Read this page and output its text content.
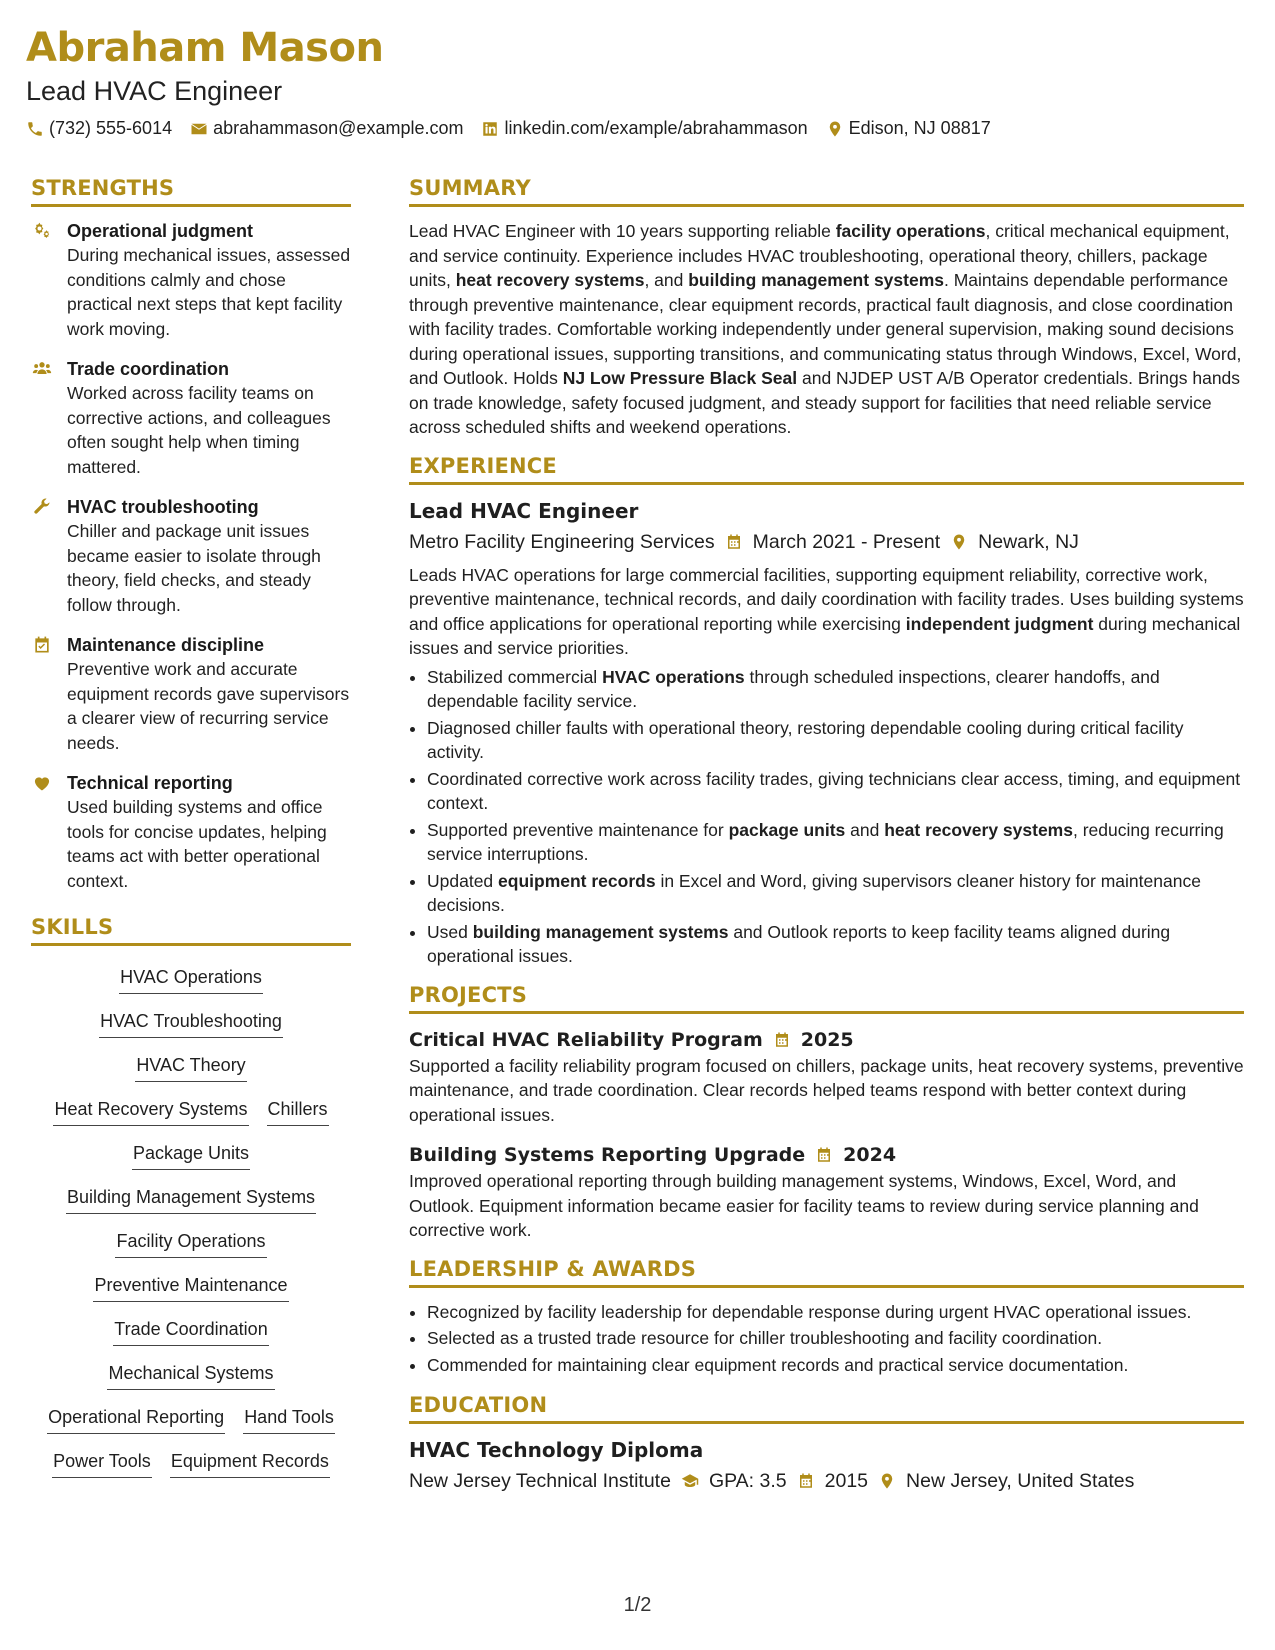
Abraham Mason
Lead HVAC Engineer
(732) 555-6014 abrahammason@example.com linkedin.com/example/abrahammason Edison, NJ 08817
STRENGTHS
Operational judgment
During mechanical issues, assessed conditions calmly and chose practical next steps that kept facility work moving.
Trade coordination
Worked across facility teams on corrective actions, and colleagues often sought help when timing mattered.
HVAC troubleshooting
Chiller and package unit issues became easier to isolate through theory, field checks, and steady follow through.
Maintenance discipline
Preventive work and accurate equipment records gave supervisors a clearer view of recurring service needs.
Technical reporting
Used building systems and office tools for concise updates, helping teams act with better operational context.
SKILLS
HVAC Operations
HVAC Troubleshooting
HVAC Theory
Heat Recovery Systems Chillers
Package Units
Building Management Systems
Facility Operations
Preventive Maintenance
Trade Coordination
Mechanical Systems
Operational Reporting Hand Tools
Power Tools Equipment Records
SUMMARY

Lead HVAC Engineer with 10 years supporting reliable facility operations, critical mechanical equipment, and service continuity. Experience includes HVAC troubleshooting, operational theory, chillers, package units, heat recovery systems, and building management systems. Maintains dependable performance through preventive maintenance, clear equipment records, practical fault diagnosis, and close coordination with facility trades. Comfortable working independently under general supervision, making sound decisions during operational issues, supporting transitions, and communicating status through Windows, Excel, Word, and Outlook. Holds NJ Low Pressure Black Seal and NJDEP UST A/B Operator credentials. Brings hands on trade knowledge, safety focused judgment, and steady support for facilities that need reliable service across scheduled shifts and weekend operations.

EXPERIENCE
Lead HVAC Engineer
Metro Facility Engineering Services March 2021 - Present Newark, NJ

Leads HVAC operations for large commercial facilities, supporting equipment reliability, corrective work, preventive maintenance, technical records, and daily coordination with facility trades. Uses building systems and office applications for operational reporting while exercising independent judgment during mechanical issues and service priorities.

• Stabilized commercial HVAC operations through scheduled inspections, clearer handoffs, and dependable facility service.
• Diagnosed chiller faults with operational theory, restoring dependable cooling during critical facility activity.
• Coordinated corrective work across facility trades, giving technicians clear access, timing, and equipment context.
• Supported preventive maintenance for package units and heat recovery systems, reducing recurring service interruptions.
• Updated equipment records in Excel and Word, giving supervisors cleaner history for maintenance decisions.
• Used building management systems and Outlook reports to keep facility teams aligned during operational issues.
PROJECTS
Critical HVAC Reliability Program 2025

Supported a facility reliability program focused on chillers, package units, heat recovery systems, preventive maintenance, and trade coordination. Clear records helped teams respond with better context during operational issues.

Building Systems Reporting Upgrade 2024

Improved operational reporting through building management systems, Windows, Excel, Word, and Outlook. Equipment information became easier for facility teams to review during service planning and corrective work.

LEADERSHIP & AWARDS
• Recognized by facility leadership for dependable response during urgent HVAC operational issues.
• Selected as a trusted trade resource for chiller troubleshooting and facility coordination.
• Commended for maintaining clear equipment records and practical service documentation.
EDUCATION
HVAC Technology Diploma
New Jersey Technical Institute GPA: 3.5 2015 New Jersey, United States
1/2
